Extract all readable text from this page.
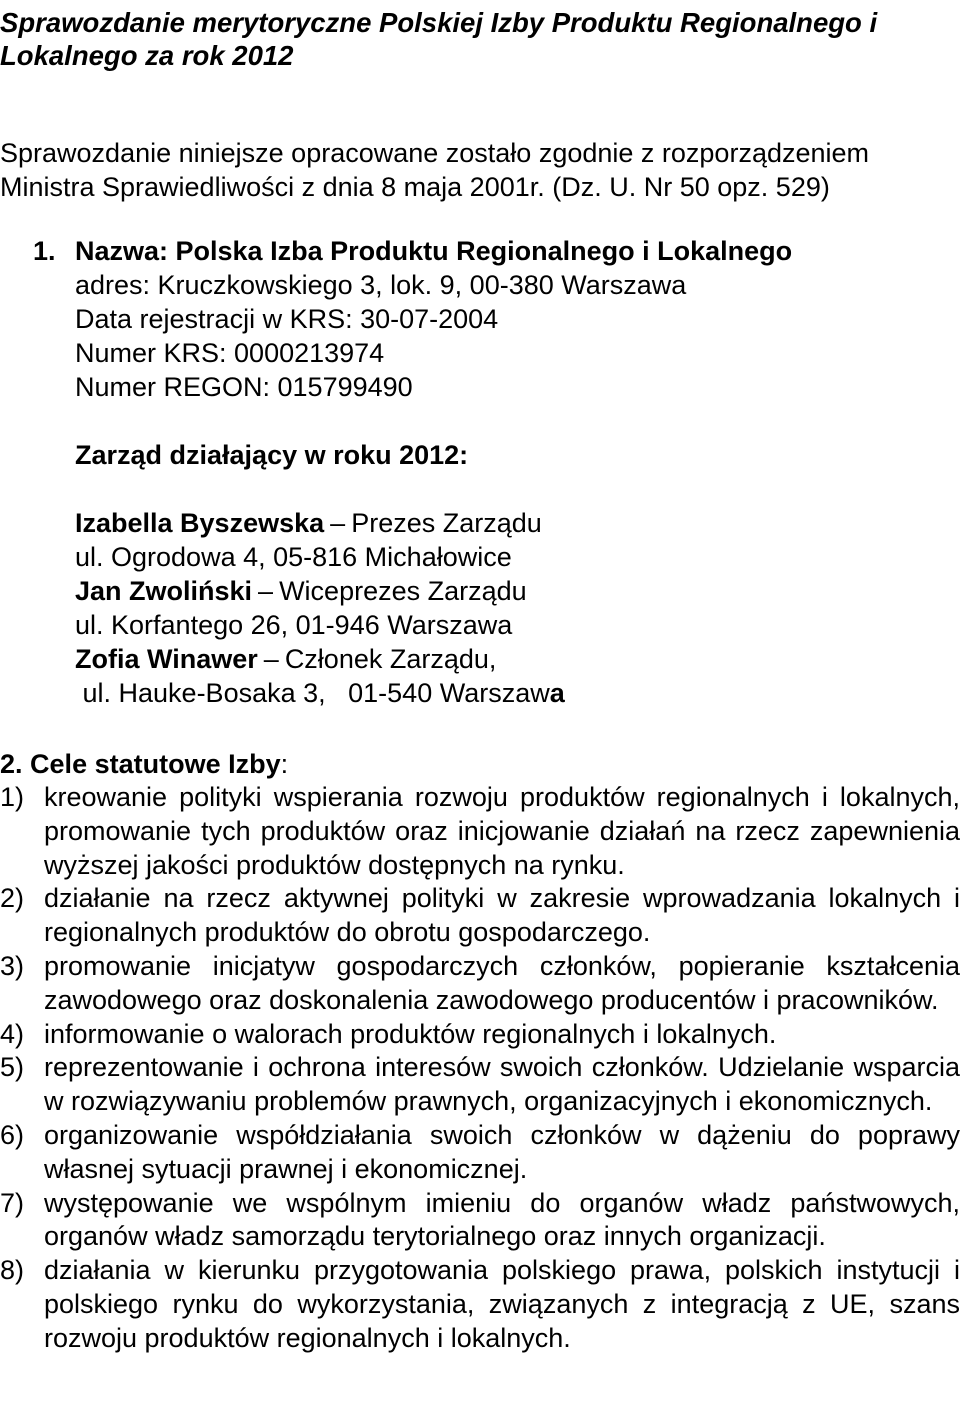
Sprawozdanie merytoryczne Polskiej Izby Produktu Regionalnego i Lokalnego za rok 2012

Sprawozdanie niniejsze opracowane zostało zgodnie z rozporządzeniem Ministra Sprawiedliwości z dnia 8 maja 2001r. (Dz. U. Nr 50 opz. 529)

1. Nazwa: Polska Izba Produktu Regionalnego i Lokalnego

adres: Kruczkowskiego 3, lok. 9, 00-380 Warszawa

Data rejestracji w KRS: 30-07-2004

Numer KRS: 0000213974

Numer REGON: 015799490

Zarząd działający w roku 2012:

Izabella Byszewska – Prezes Zarządu

ul. Ogrodowa 4, 05-816 Michałowice

Jan Zwoliński – Wiceprezes Zarządu

ul. Korfantego 26, 01-946 Warszawa

Zofia Winawer – Członek Zarządu,

ul. Hauke-Bosaka 3,   01-540 Warszawa

2. Cele statutowe Izby:

1) kreowanie polityki wspierania rozwoju produktów regionalnych i lokalnych, promowanie tych produktów oraz inicjowanie działań na rzecz zapewnienia wyższej jakości produktów dostępnych na rynku.
2) działanie na rzecz aktywnej polityki w zakresie wprowadzania lokalnych i regionalnych produktów do obrotu gospodarczego.
3) promowanie inicjatyw gospodarczych członków, popieranie kształcenia zawodowego oraz doskonalenia zawodowego producentów i pracowników.
4) informowanie o walorach produktów regionalnych i lokalnych.
5) reprezentowanie i ochrona interesów swoich członków. Udzielanie wsparcia w rozwiązywaniu problemów prawnych, organizacyjnych i ekonomicznych.
6) organizowanie współdziałania swoich członków w dążeniu do poprawy własnej sytuacji prawnej i ekonomicznej.
7) występowanie we wspólnym imieniu do organów władz państwowych, organów władz samorządu terytorialnego oraz innych organizacji.
8) działania w kierunku przygotowania polskiego prawa, polskich instytucji i polskiego rynku do wykorzystania, związanych z integracją z UE, szans rozwoju produktów regionalnych i lokalnych.
